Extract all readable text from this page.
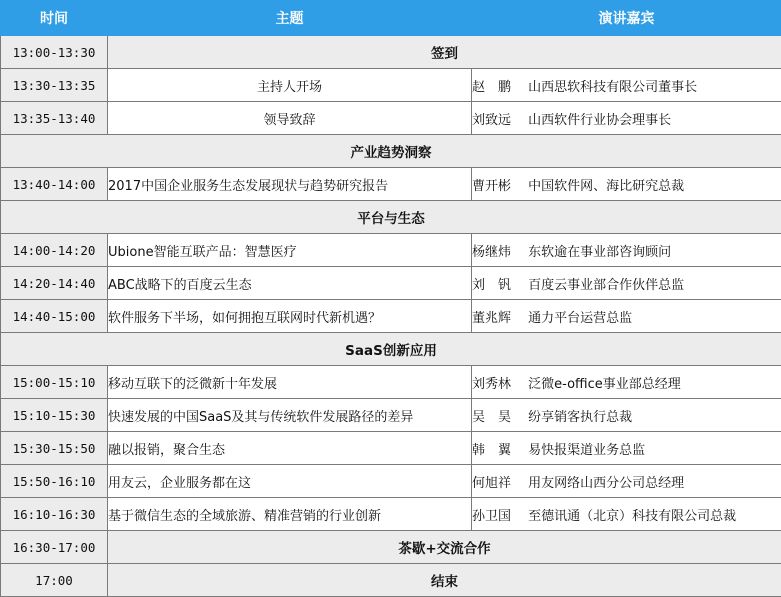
时间	主题	演讲嘉宾
13:00-13:30	签到	
13:30-13:35	主持人开场	赵　鹏 山西思软科技有限公司董事长
13:35-13:40	领导致辞	刘致远 山西软件行业协会理事长
产业趋势洞察		
13:40-14:00	2017中国企业服务生态发展现状与趋势研究报告	曹开彬 中国软件网、海比研究总裁
平台与生态		
14:00-14:20	Ubione智能互联产品：智慧医疗	杨继炜 东软逾在事业部咨询顾问
14:20-14:40	ABC战略下的百度云生态	刘　钒 百度云事业部合作伙伴总监
14:40-15:00	软件服务下半场，如何拥抱互联网时代新机遇？	董兆辉 通力平台运营总监
SaaS创新应用		
15:00-15:10	移动互联下的泛微新十年发展	刘秀林 泛微e-office事业部总经理
15:10-15:30	快速发展的中国SaaS及其与传统软件发展路径的差异	吴　昊 纷享销客执行总裁
15:30-15:50	融以报销，聚合生态	韩　翼 易快报渠道业务总监
15:50-16:10	用友云，企业服务都在这	何旭祥 用友网络山西分公司总经理
16:10-16:30	基于微信生态的全域旅游、精准营销的行业创新	孙卫国 至德讯通（北京）科技有限公司总裁
16:30-17:00	茶歇+交流合作	
17:00	结束	
